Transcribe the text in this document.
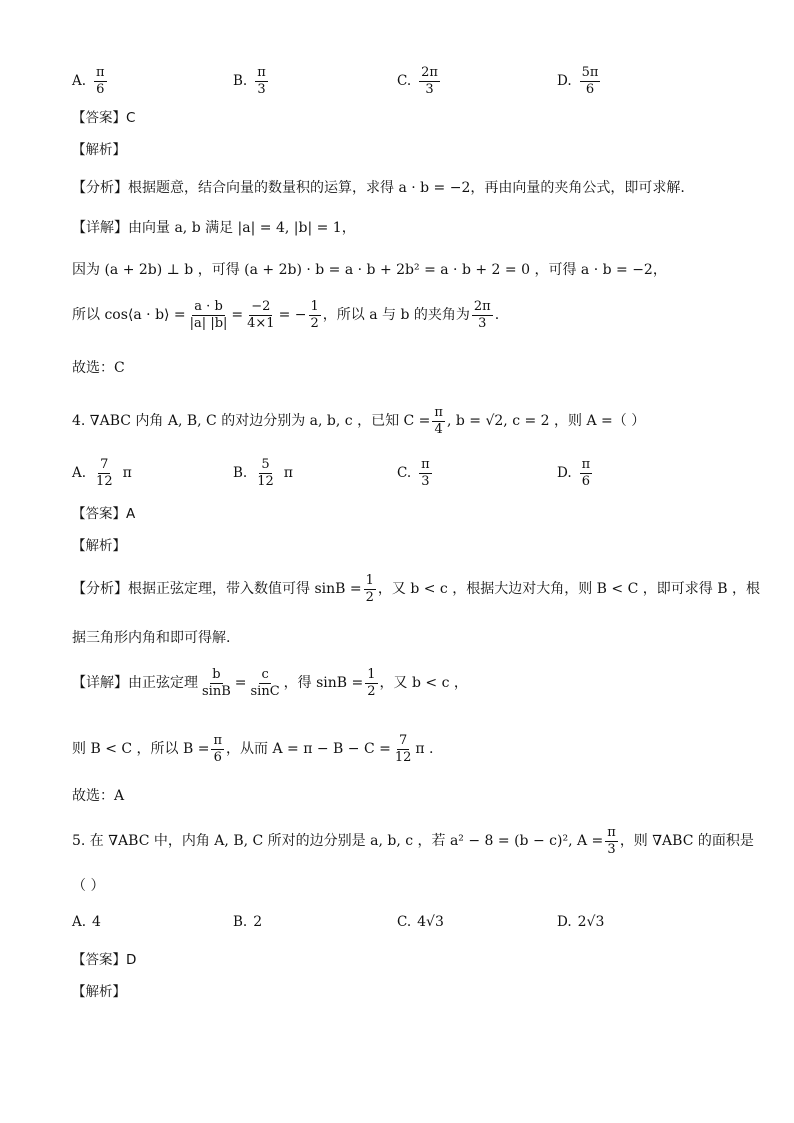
A. $\frac{\pi}{6}$	B. $\frac{\pi}{3}$	C. $\frac{2\pi}{3}$	D. $\frac{5\pi}{6}$
【答案】C
【解析】
【分析】根据题意，结合向量的数量积的运算，求得 a · b = −2，再由向量的夹角公式，即可求解.
【详解】由向量 a, b 满足 |a| = 4, |b| = 1，
因为 (a + 2b) ⊥ b ，可得 (a + 2b) · b = a · b + 2b² = a · b + 2 = 0 ，可得 a · b = −2，
所以 cos⟨a · b⟩ = $\frac{a \cdot b}{|a| |b|} = \frac{-2}{4\times 1}$ = − $\frac{1}{2}$ ，所以 a 与 b 的夹角为 $\frac{2\pi}{3}$ .
故选：C
4. ∇ABC 内角 A, B, C 的对边分别为 a, b, c ，已知 $C = \frac{\pi}{4}$ , b = √2, c = 2 ，则 A =（ ）
A. $\frac{7}{12}$ π	B. $\frac{5}{12}$ π	C. $\frac{\pi}{3}$	D. $\frac{\pi}{6}$
【答案】A
【解析】
【分析】根据正弦定理，带入数值可得 $\sin B = \frac{1}{2}$ ，又 b < c ，根据大边对大角，则 B < C ，即可求得 B ，根
据三角形内角和即可得解.
【详解】由正弦定理 $\frac{b}{\sin B} = \frac{c}{\sin C}$ ，得 $\sin B = \frac{1}{2}$ ，又 b < c ，
则 B < C ，所以 $B = \frac{\pi}{6}$ ，从而 $A = \pi - B - C = \frac{7}{12}$ π .
故选：A
5. 在 ∇ABC 中，内角 A, B, C 所对的边分别是 a, b, c ，若 a² − 8 = (b − c)², $A = \frac{\pi}{3}$ ，则 ∇ABC 的面积是
（ ）
A. 4	B. 2	C. 4√3	D. 2√3
【答案】D
【解析】
